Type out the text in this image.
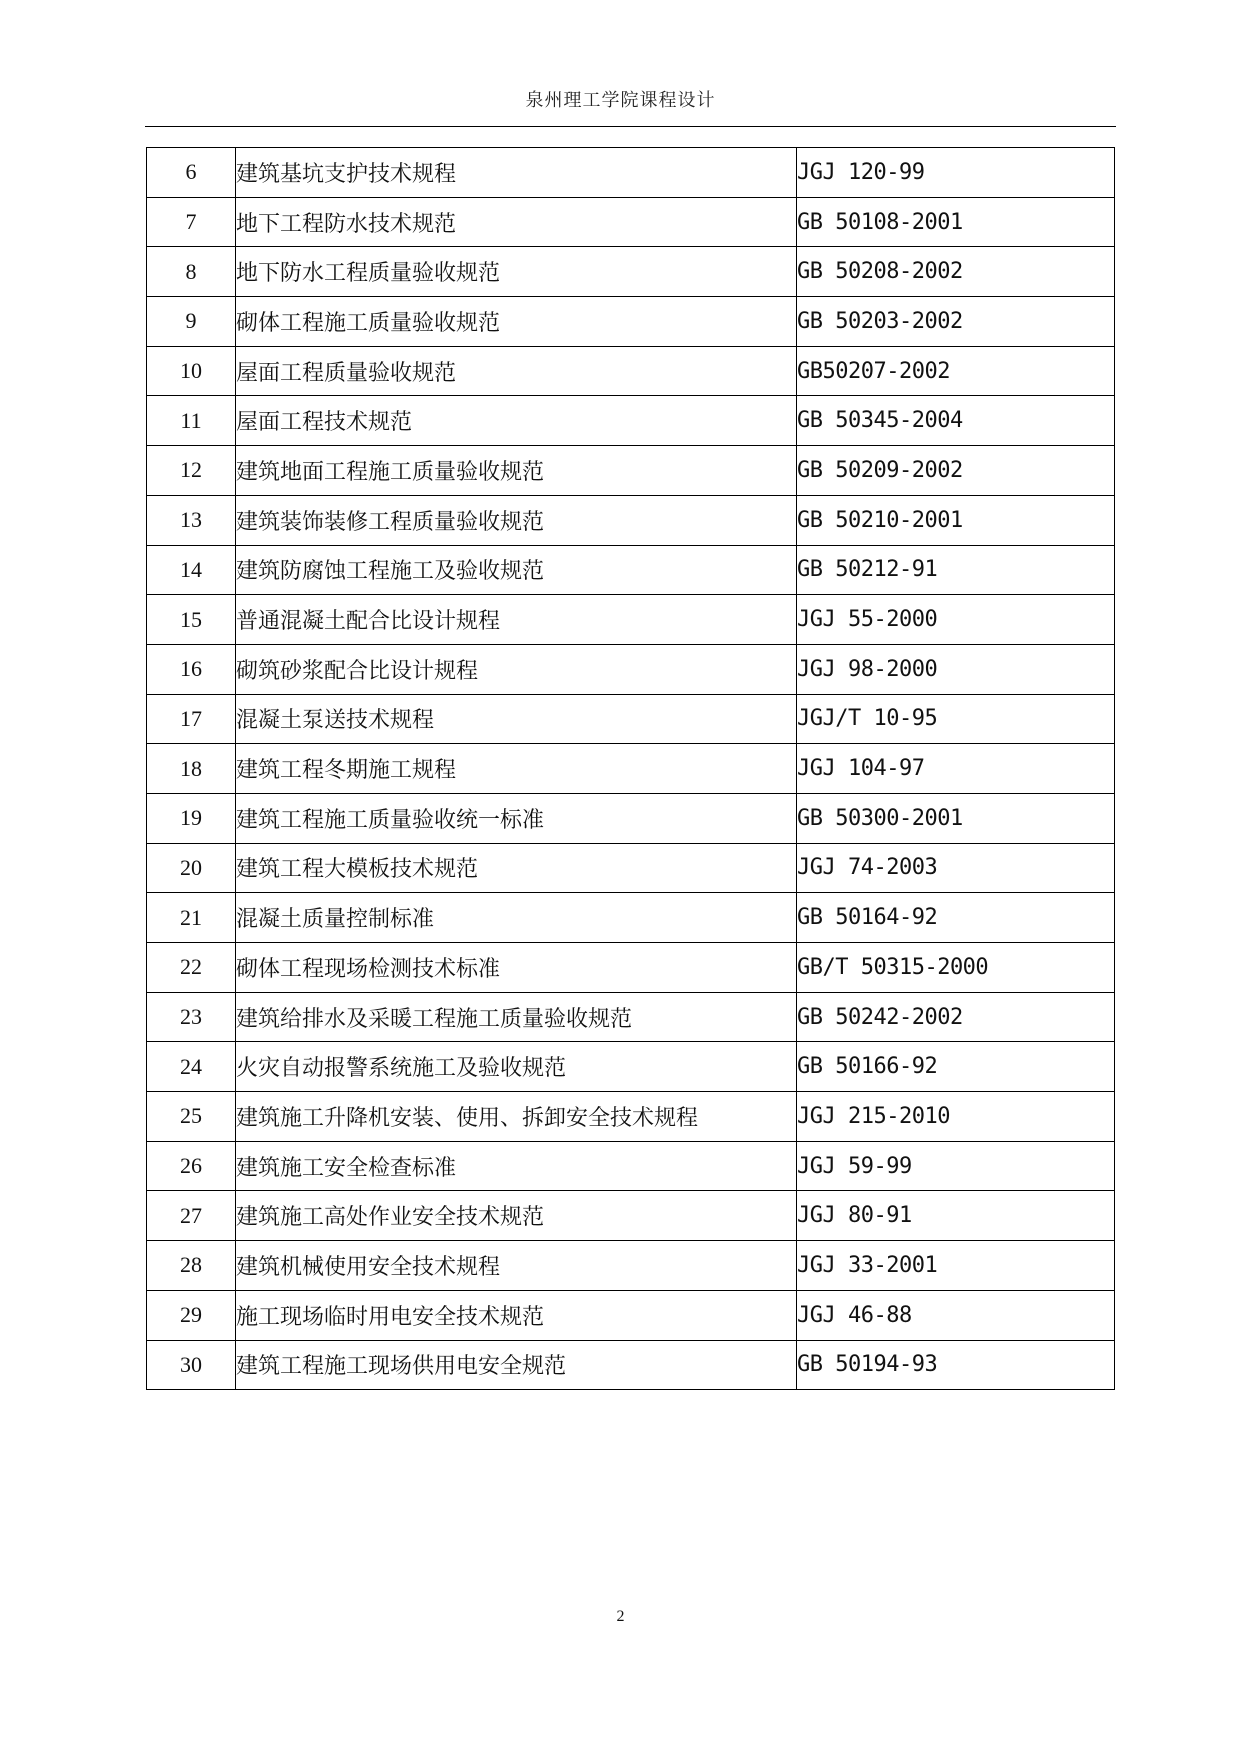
泉州理工学院课程设计
6	建筑基坑支护技术规程	JGJ 120-99
7	地下工程防水技术规范	GB 50108-2001
8	地下防水工程质量验收规范	GB 50208-2002
9	砌体工程施工质量验收规范	GB 50203-2002
10	屋面工程质量验收规范	GB50207-2002
11	屋面工程技术规范	GB 50345-2004
12	建筑地面工程施工质量验收规范	GB 50209-2002
13	建筑装饰装修工程质量验收规范	GB 50210-2001
14	建筑防腐蚀工程施工及验收规范	GB 50212-91
15	普通混凝土配合比设计规程	JGJ 55-2000
16	砌筑砂浆配合比设计规程	JGJ 98-2000
17	混凝土泵送技术规程	JGJ/T 10-95
18	建筑工程冬期施工规程	JGJ 104-97
19	建筑工程施工质量验收统一标准	GB 50300-2001
20	建筑工程大模板技术规范	JGJ 74-2003
21	混凝土质量控制标准	GB 50164-92
22	砌体工程现场检测技术标准	GB/T 50315-2000
23	建筑给排水及采暖工程施工质量验收规范	GB 50242-2002
24	火灾自动报警系统施工及验收规范	GB 50166-92
25	建筑施工升降机安装、使用、拆卸安全技术规程	JGJ 215-2010
26	建筑施工安全检查标准	JGJ 59-99
27	建筑施工高处作业安全技术规范	JGJ 80-91
28	建筑机械使用安全技术规程	JGJ 33-2001
29	施工现场临时用电安全技术规范	JGJ 46-88
30	建筑工程施工现场供用电安全规范	GB 50194-93
2
